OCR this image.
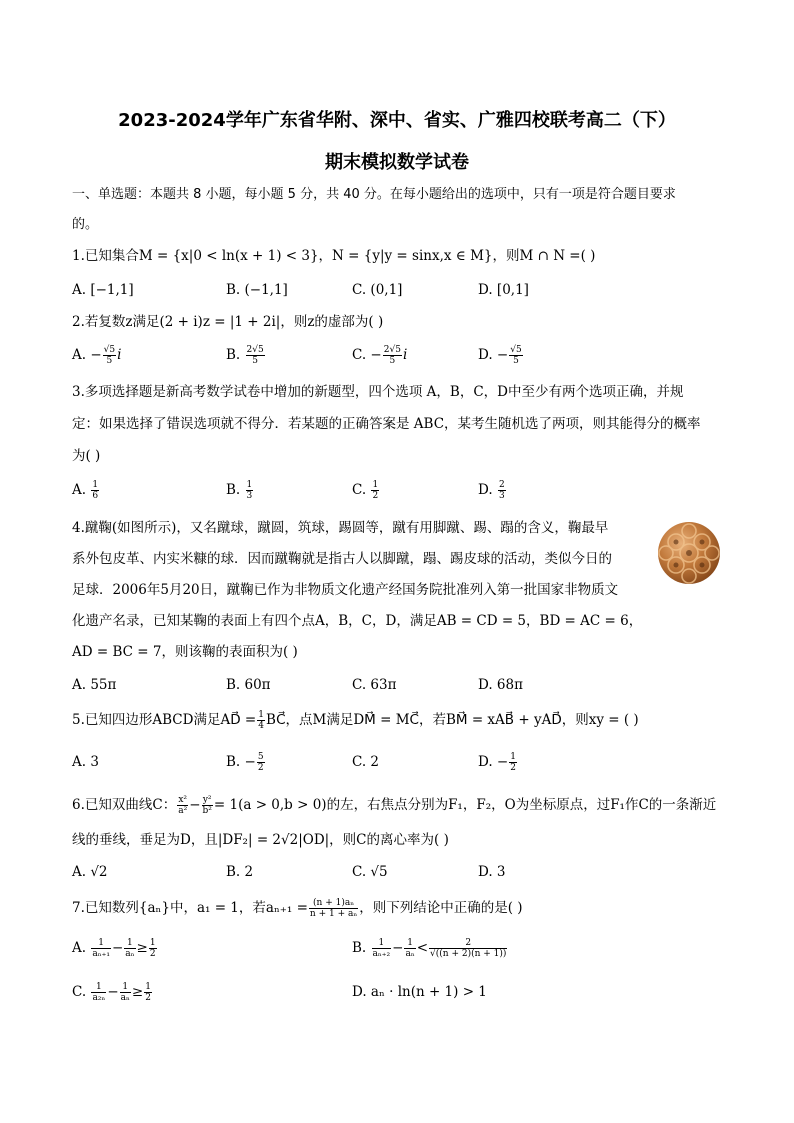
2023-2024学年广东省华附、深中、省实、广雅四校联考高二（下）
期末模拟数学试卷
一、单选题：本题共 8 小题，每小题 5 分，共 40 分。在每小题给出的选项中，只有一项是符合题目要求
的。
1.已知集合M = {x|0 < ln(x + 1) < 3}，N = {y|y = sinx,x ∈ M}，则M ∩ N =( )
A. [−1,1]	B. (−1,1]	C. (0,1]	D. [0,1]
2.若复数z满足(2 + i)z = |1 + 2i|，则z的虚部为( )
A. − $\frac{√5}{5}$ i	B. $\frac{2√5}{5}$	C. − $\frac{2√5}{5}$ i	D. − $\frac{√5}{5}$
3.多项选择题是新高考数学试卷中增加的新题型，四个选项 A，B，C，D中至少有两个选项正确，并规
定：如果选择了错误选项就不得分．若某题的正确答案是 ABC，某考生随机选了两项，则其能得分的概率
为( )
A. $\frac{1}{6}$	B. $\frac{1}{3}$	C. $\frac{1}{2}$	D. $\frac{2}{3}$
4.蹴鞠(如图所示)，又名蹴球，蹴圆，筑球，踢圆等，蹴有用脚蹴、踢、蹋的含义，鞠最早
系外包皮革、内实米糠的球．因而蹴鞠就是指古人以脚蹴，蹋、踢皮球的活动，类似今日的
足球．2006年5月20日，蹴鞠已作为非物质文化遗产经国务院批准列入第一批国家非物质文
化遗产名录，已知某鞠的表面上有四个点A，B，C，D，满足AB = CD = 5，BD = AC = 6，
AD = BC = 7，则该鞠的表面积为( )
A. 55π	B. 60π	C. 63π	D. 68π
5.已知四边形ABCD满足AD⃗ = $\frac{1}{4}$ BC⃗，点M满足DM⃗ = MC⃗，若BM⃗ = xAB⃗ + yAD⃗，则xy = ( )
A. 3	B. − $\frac{5}{2}$	C. 2	D. − $\frac{1}{2}$
6.已知双曲线C： $\frac{\text{x²}}{\text{a²}} - \frac{\text{y²}}{\text{b²}} = 1(a > 0,b > 0)$的左，右焦点分别为F₁，F₂，O为坐标原点，过F₁作C的一条渐近
线的垂线，垂足为D，且|DF₂| = 2√2|OD|，则C的离心率为( )
A. √2	B. 2	C. √5	D. 3
7.已知数列{aₙ}中，a₁ = 1，若$a_{n+1} = \frac{\text{(n + 1)aₙ}}{\text{n + 1 + aₙ}}$ ，则下列结论中正确的是( )
A. $\frac{1}{\text{aₙ₊₁}} - \frac{1}{\text{aₙ}} \ge \frac{1}{2}$	B. $\frac{1}{\text{aₙ₊₂}} - \frac{1}{\text{aₙ}} < \frac{2}{√((n + 2)(n + 1))}$
C. $\frac{1}{\text{a₂ₙ}} - \frac{1}{\text{aₙ}} \ge \frac{1}{2}$	D. aₙ · ln(n + 1) > 1
